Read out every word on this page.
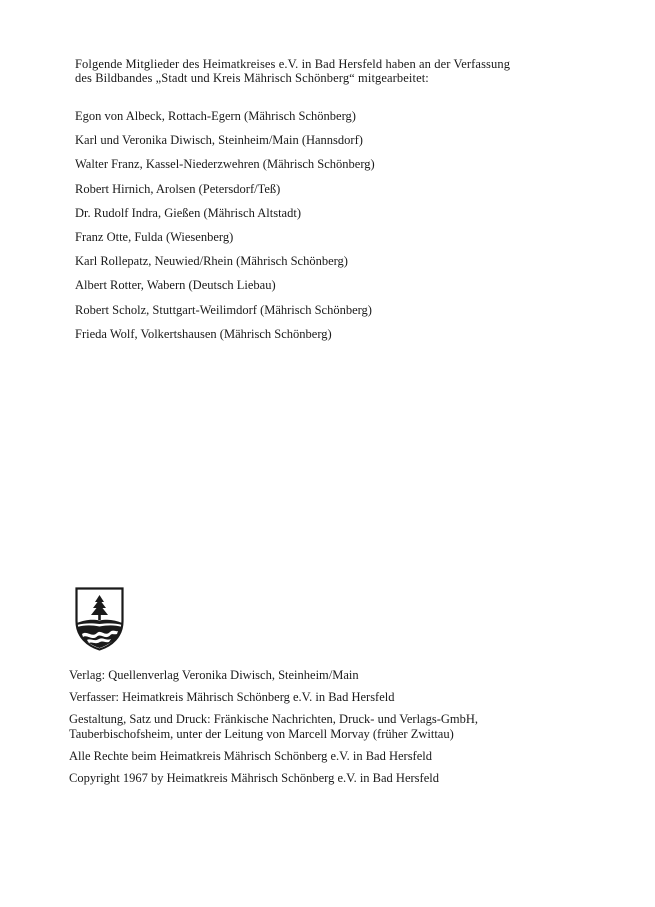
Folgende Mitglieder des Heimatkreises e.V. in Bad Hersfeld haben an der Verfassung

des Bildbandes „Stadt und Kreis Mährisch Schönberg“ mitgearbeitet:

Egon von Albeck, Rottach-Egern (Mährisch Schönberg)
Karl und Veronika Diwisch, Steinheim/Main (Hannsdorf)
Walter Franz, Kassel-Niederzwehren (Mährisch Schönberg)
Robert Hirnich, Arolsen (Petersdorf/Teß)
Dr. Rudolf Indra, Gießen (Mährisch Altstadt)
Franz Otte, Fulda (Wiesenberg)
Karl Rollepatz, Neuwied/Rhein (Mährisch Schönberg)
Albert Rotter, Wabern (Deutsch Liebau)
Robert Scholz, Stuttgart-Weilimdorf (Mährisch Schönberg)
Frieda Wolf, Volkertshausen (Mährisch Schönberg)

Verlag: Quellenverlag Veronika Diwisch, Steinheim/Main

Verfasser: Heimatkreis Mährisch Schönberg e.V. in Bad Hersfeld

Gestaltung, Satz und Druck: Fränkische Nachrichten, Druck- und Verlags-GmbH,

Tauberbischofsheim, unter der Leitung von Marcell Morvay (früher Zwittau)

Alle Rechte beim Heimatkreis Mährisch Schönberg e.V. in Bad Hersfeld

Copyright 1967 by Heimatkreis Mährisch Schönberg e.V. in Bad Hersfeld
